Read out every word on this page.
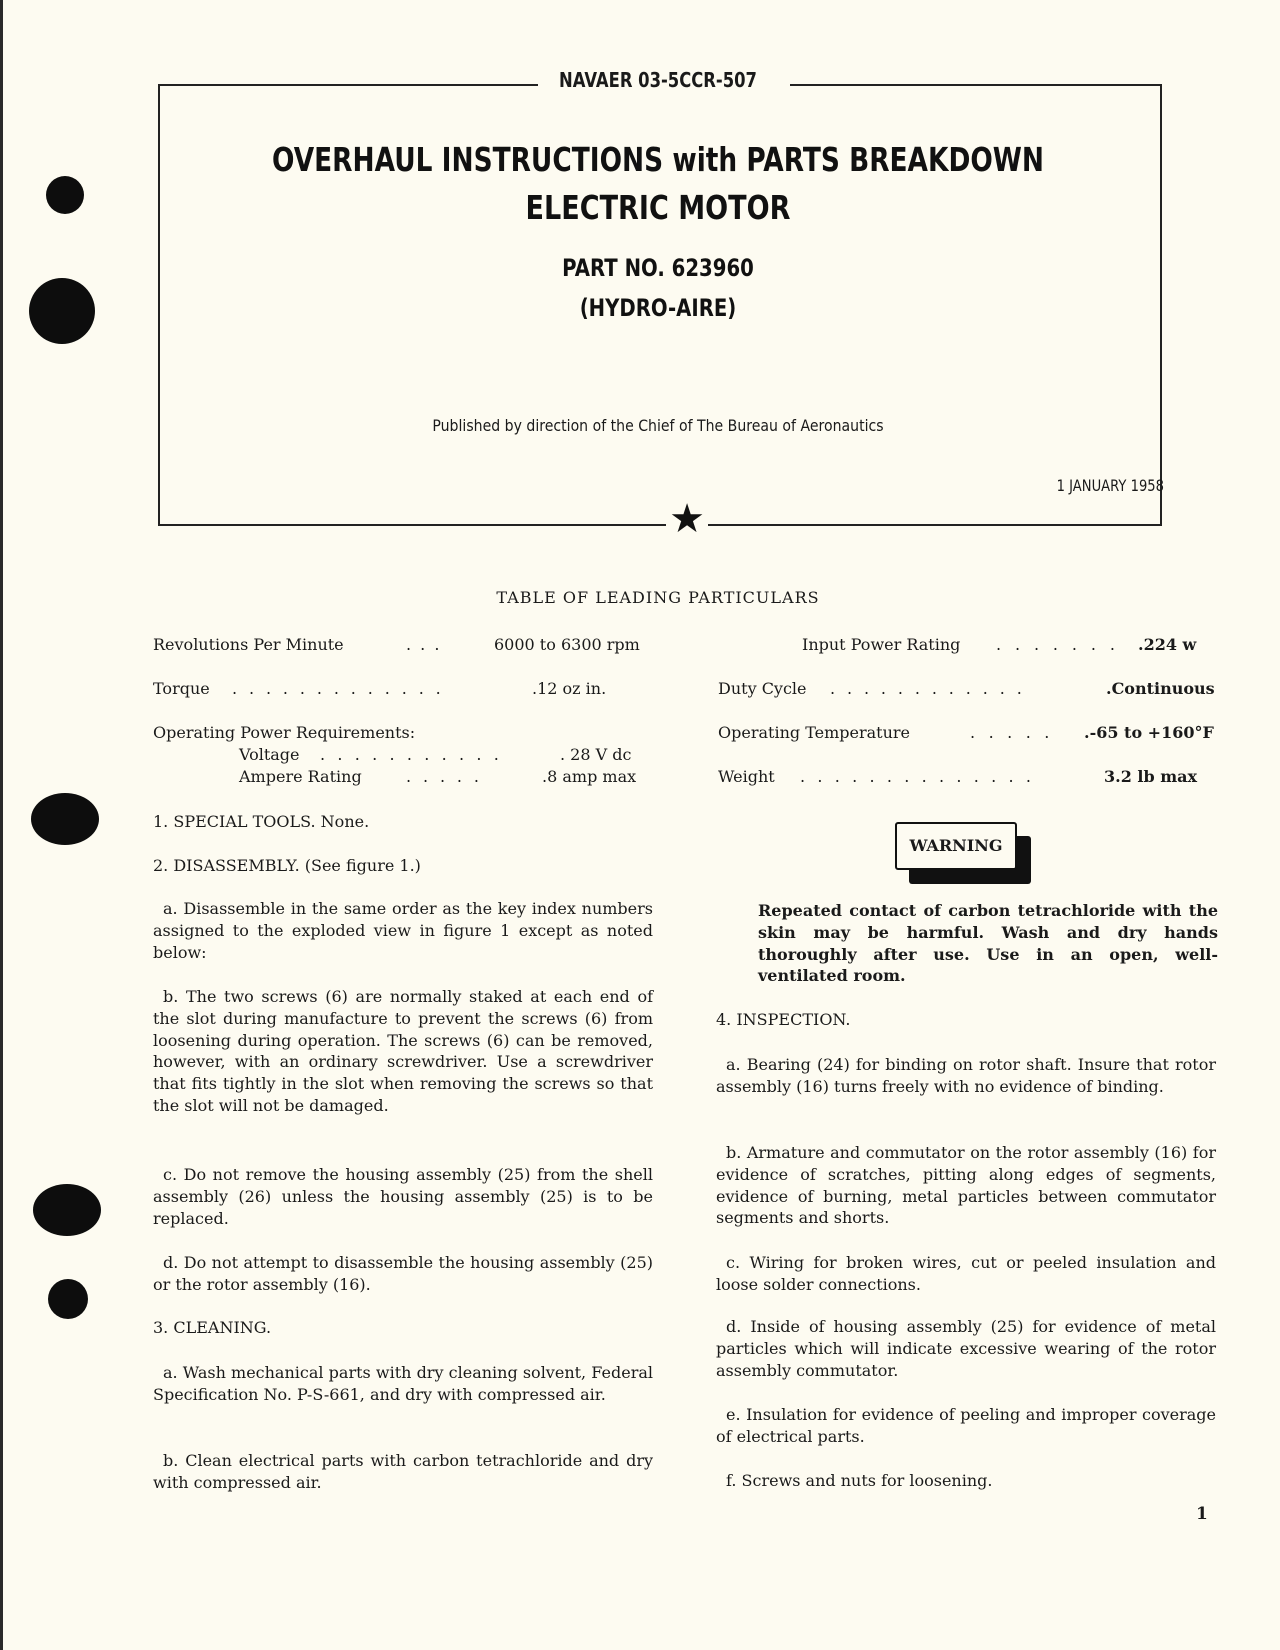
NAVAER 03-5CCR-507
OVERHAUL INSTRUCTIONS with PARTS BREAKDOWN
ELECTRIC MOTOR
PART NO. 623960
(HYDRO-AIRE)
Published by direction of the Chief of The Bureau of Aeronautics
1 JANUARY 1958
★
TABLE OF LEADING PARTICULARS
Revolutions Per Minute	. . .	6000 to 6300 rpm
Torque . . . . . . . . . . . . .	.12 oz in.
Operating Power Requirements:
Voltage . . . . . . . . . . .	. 28 V dc
Ampere Rating	. . . . .	.8 amp max
Input Power Rating . . . . . . . .224 w
Duty Cycle . . . . . . . . . . . .	.Continuous
Operating Temperature	. . . . . .-65 to +160°F
Weight . . . . . . . . . . . . . .	3.2 lb max
1. SPECIAL TOOLS. None.
2. DISASSEMBLY. (See figure 1.)
a. Disassemble in the same order as the key index numbers assigned to the exploded view in figure 1 except as noted below:
b. The two screws (6) are normally staked at each end of the slot during manufacture to prevent the screws (6) from loosening during operation. The screws (6) can be removed, however, with an ordinary screwdriver. Use a screwdriver that fits tightly in the slot when removing the screws so that the slot will not be damaged.
c. Do not remove the housing assembly (25) from the shell assembly (26) unless the housing assembly (25) is to be replaced.
d. Do not attempt to disassemble the housing assembly (25) or the rotor assembly (16).
3. CLEANING.
a. Wash mechanical parts with dry cleaning solvent, Federal Specification No. P-S-661, and dry with compressed air.
b. Clean electrical parts with carbon tetrachloride and dry with compressed air.
WARNING
Repeated contact of carbon tetrachloride with the skin may be harmful. Wash and dry hands thoroughly after use. Use in an open, well-ventilated room.
4. INSPECTION.
a. Bearing (24) for binding on rotor shaft. Insure that rotor assembly (16) turns freely with no evidence of binding.
b. Armature and commutator on the rotor assembly (16) for evidence of scratches, pitting along edges of segments, evidence of burning, metal particles between commutator segments and shorts.
c. Wiring for broken wires, cut or peeled insulation and loose solder connections.
d. Inside of housing assembly (25) for evidence of metal particles which will indicate excessive wearing of the rotor assembly commutator.
e. Insulation for evidence of peeling and improper coverage of electrical parts.
f. Screws and nuts for loosening.
1
